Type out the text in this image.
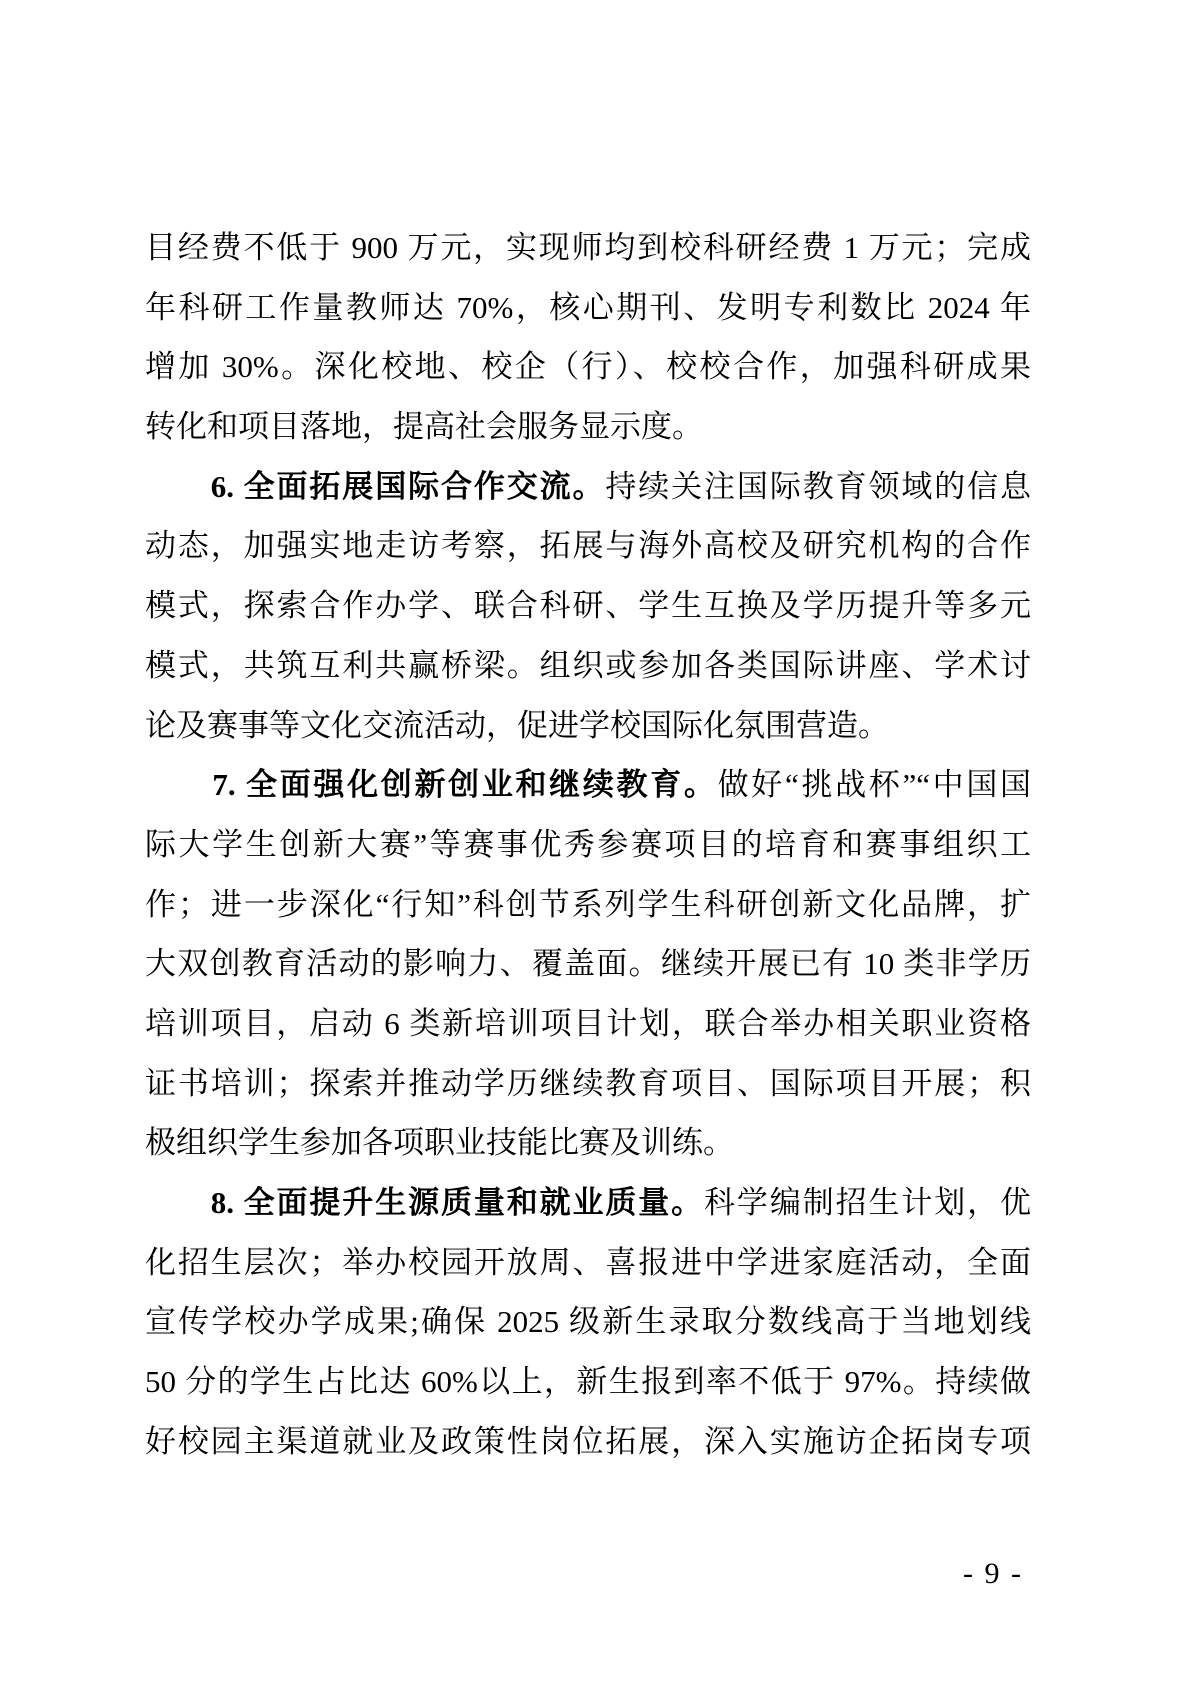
目经费不低于 900 万元，实现师均到校科研经费 1 万元；完成
年科研工作量教师达 70%，核心期刊、发明专利数比 2024 年
增加 30%。深化校地、校企（行）、校校合作，加强科研成果
转化和项目落地，提高社会服务显示度。
　　6. 全面拓展国际合作交流。持续关注国际教育领域的信息
动态，加强实地走访考察，拓展与海外高校及研究机构的合作
模式，探索合作办学、联合科研、学生互换及学历提升等多元
模式，共筑互利共赢桥梁。组织或参加各类国际讲座、学术讨
论及赛事等文化交流活动，促进学校国际化氛围营造。
　　7. 全面强化创新创业和继续教育。做好“挑战杯”“中国国
际大学生创新大赛”等赛事优秀参赛项目的培育和赛事组织工
作；进一步深化“行知”科创节系列学生科研创新文化品牌，扩
大双创教育活动的影响力、覆盖面。继续开展已有 10 类非学历
培训项目，启动 6 类新培训项目计划，联合举办相关职业资格
证书培训；探索并推动学历继续教育项目、国际项目开展；积
极组织学生参加各项职业技能比赛及训练。
　　8. 全面提升生源质量和就业质量。科学编制招生计划，优
化招生层次；举办校园开放周、喜报进中学进家庭活动，全面
宣传学校办学成果;确保 2025 级新生录取分数线高于当地划线
50 分的学生占比达 60%以上，新生报到率不低于 97%。持续做
好校园主渠道就业及政策性岗位拓展，深入实施访企拓岗专项
- 9 -
